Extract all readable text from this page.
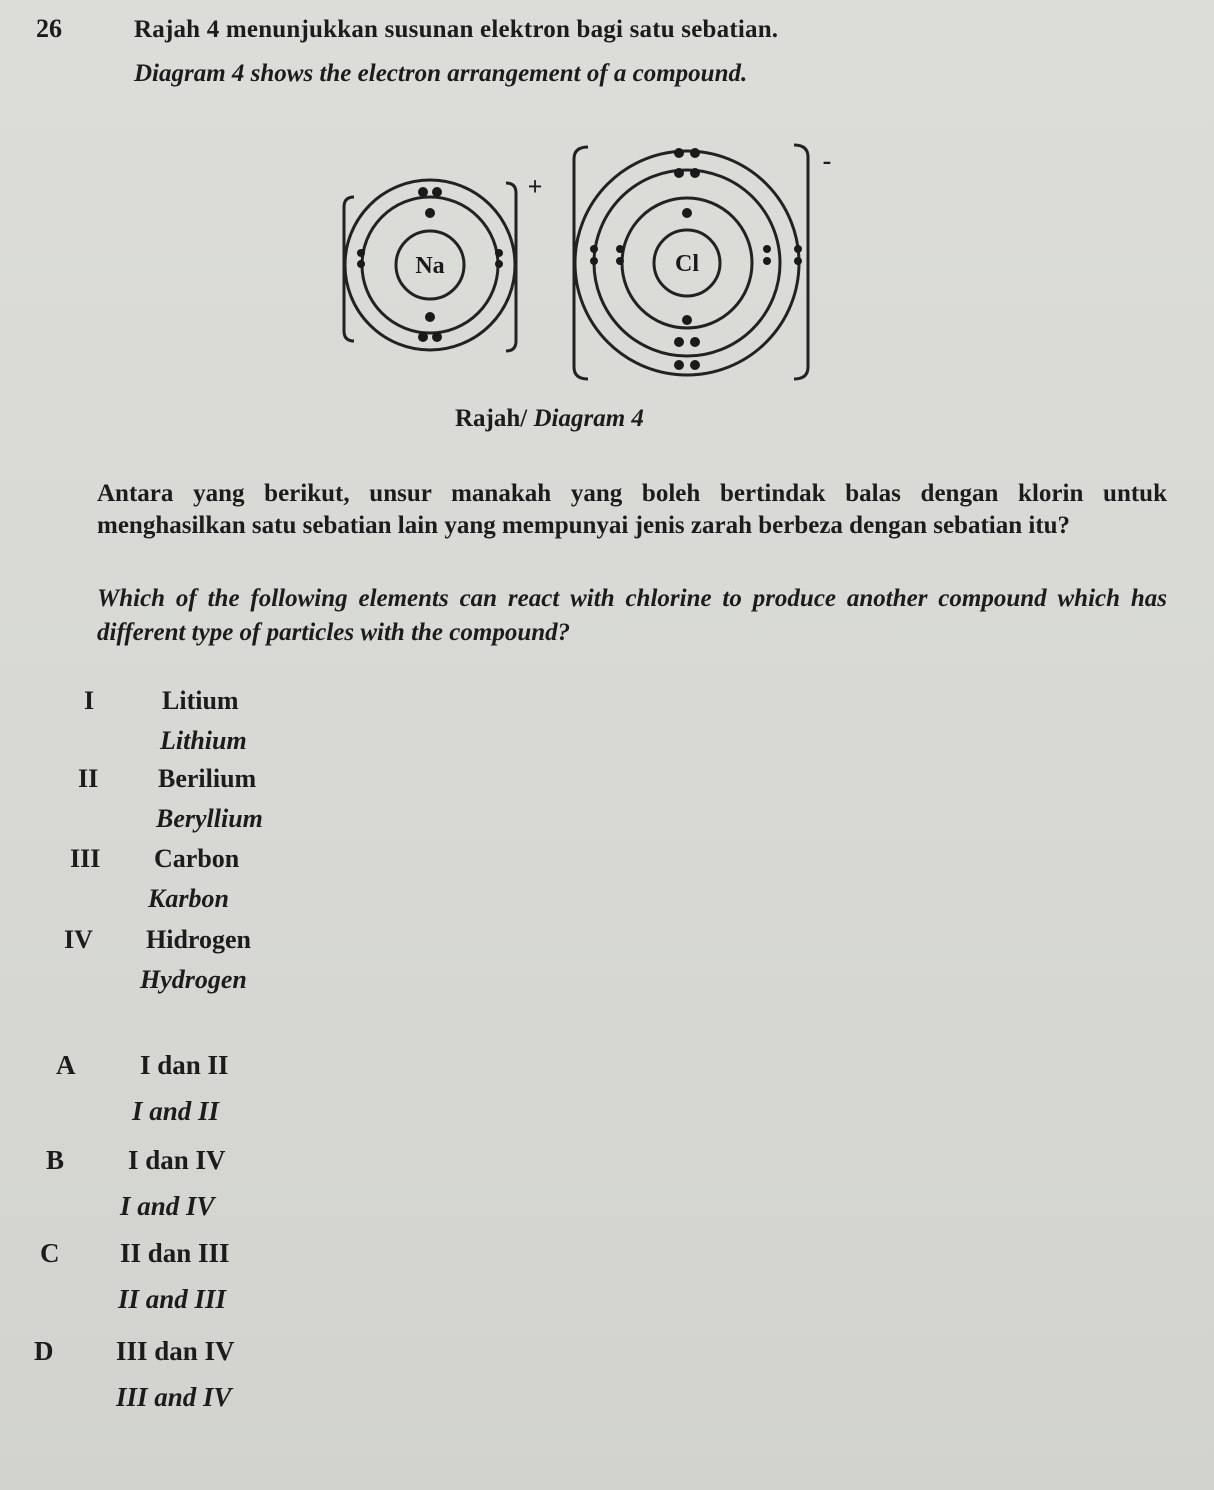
26	Rajah 4 menunjukkan susunan elektron bagi satu sebatian.
Diagram 4 shows the electron arrangement of a compound.
Na
+
Cl
-
Rajah/ Diagram 4
Antara yang berikut, unsur manakah yang boleh bertindak balas dengan klorin untuk menghasilkan satu sebatian lain yang mempunyai jenis zarah berbeza dengan sebatian itu?
Which of the following elements can react with chlorine to produce another compound which has different type of particles with the compound?
I	Litium
Lithium
II Berilium
Beryllium
III Carbon
Karbon
IV Hidrogen
Hydrogen
A I dan II
I and II
B I dan IV
I and IV
C II dan III
II and III
D III dan IV
III and IV
